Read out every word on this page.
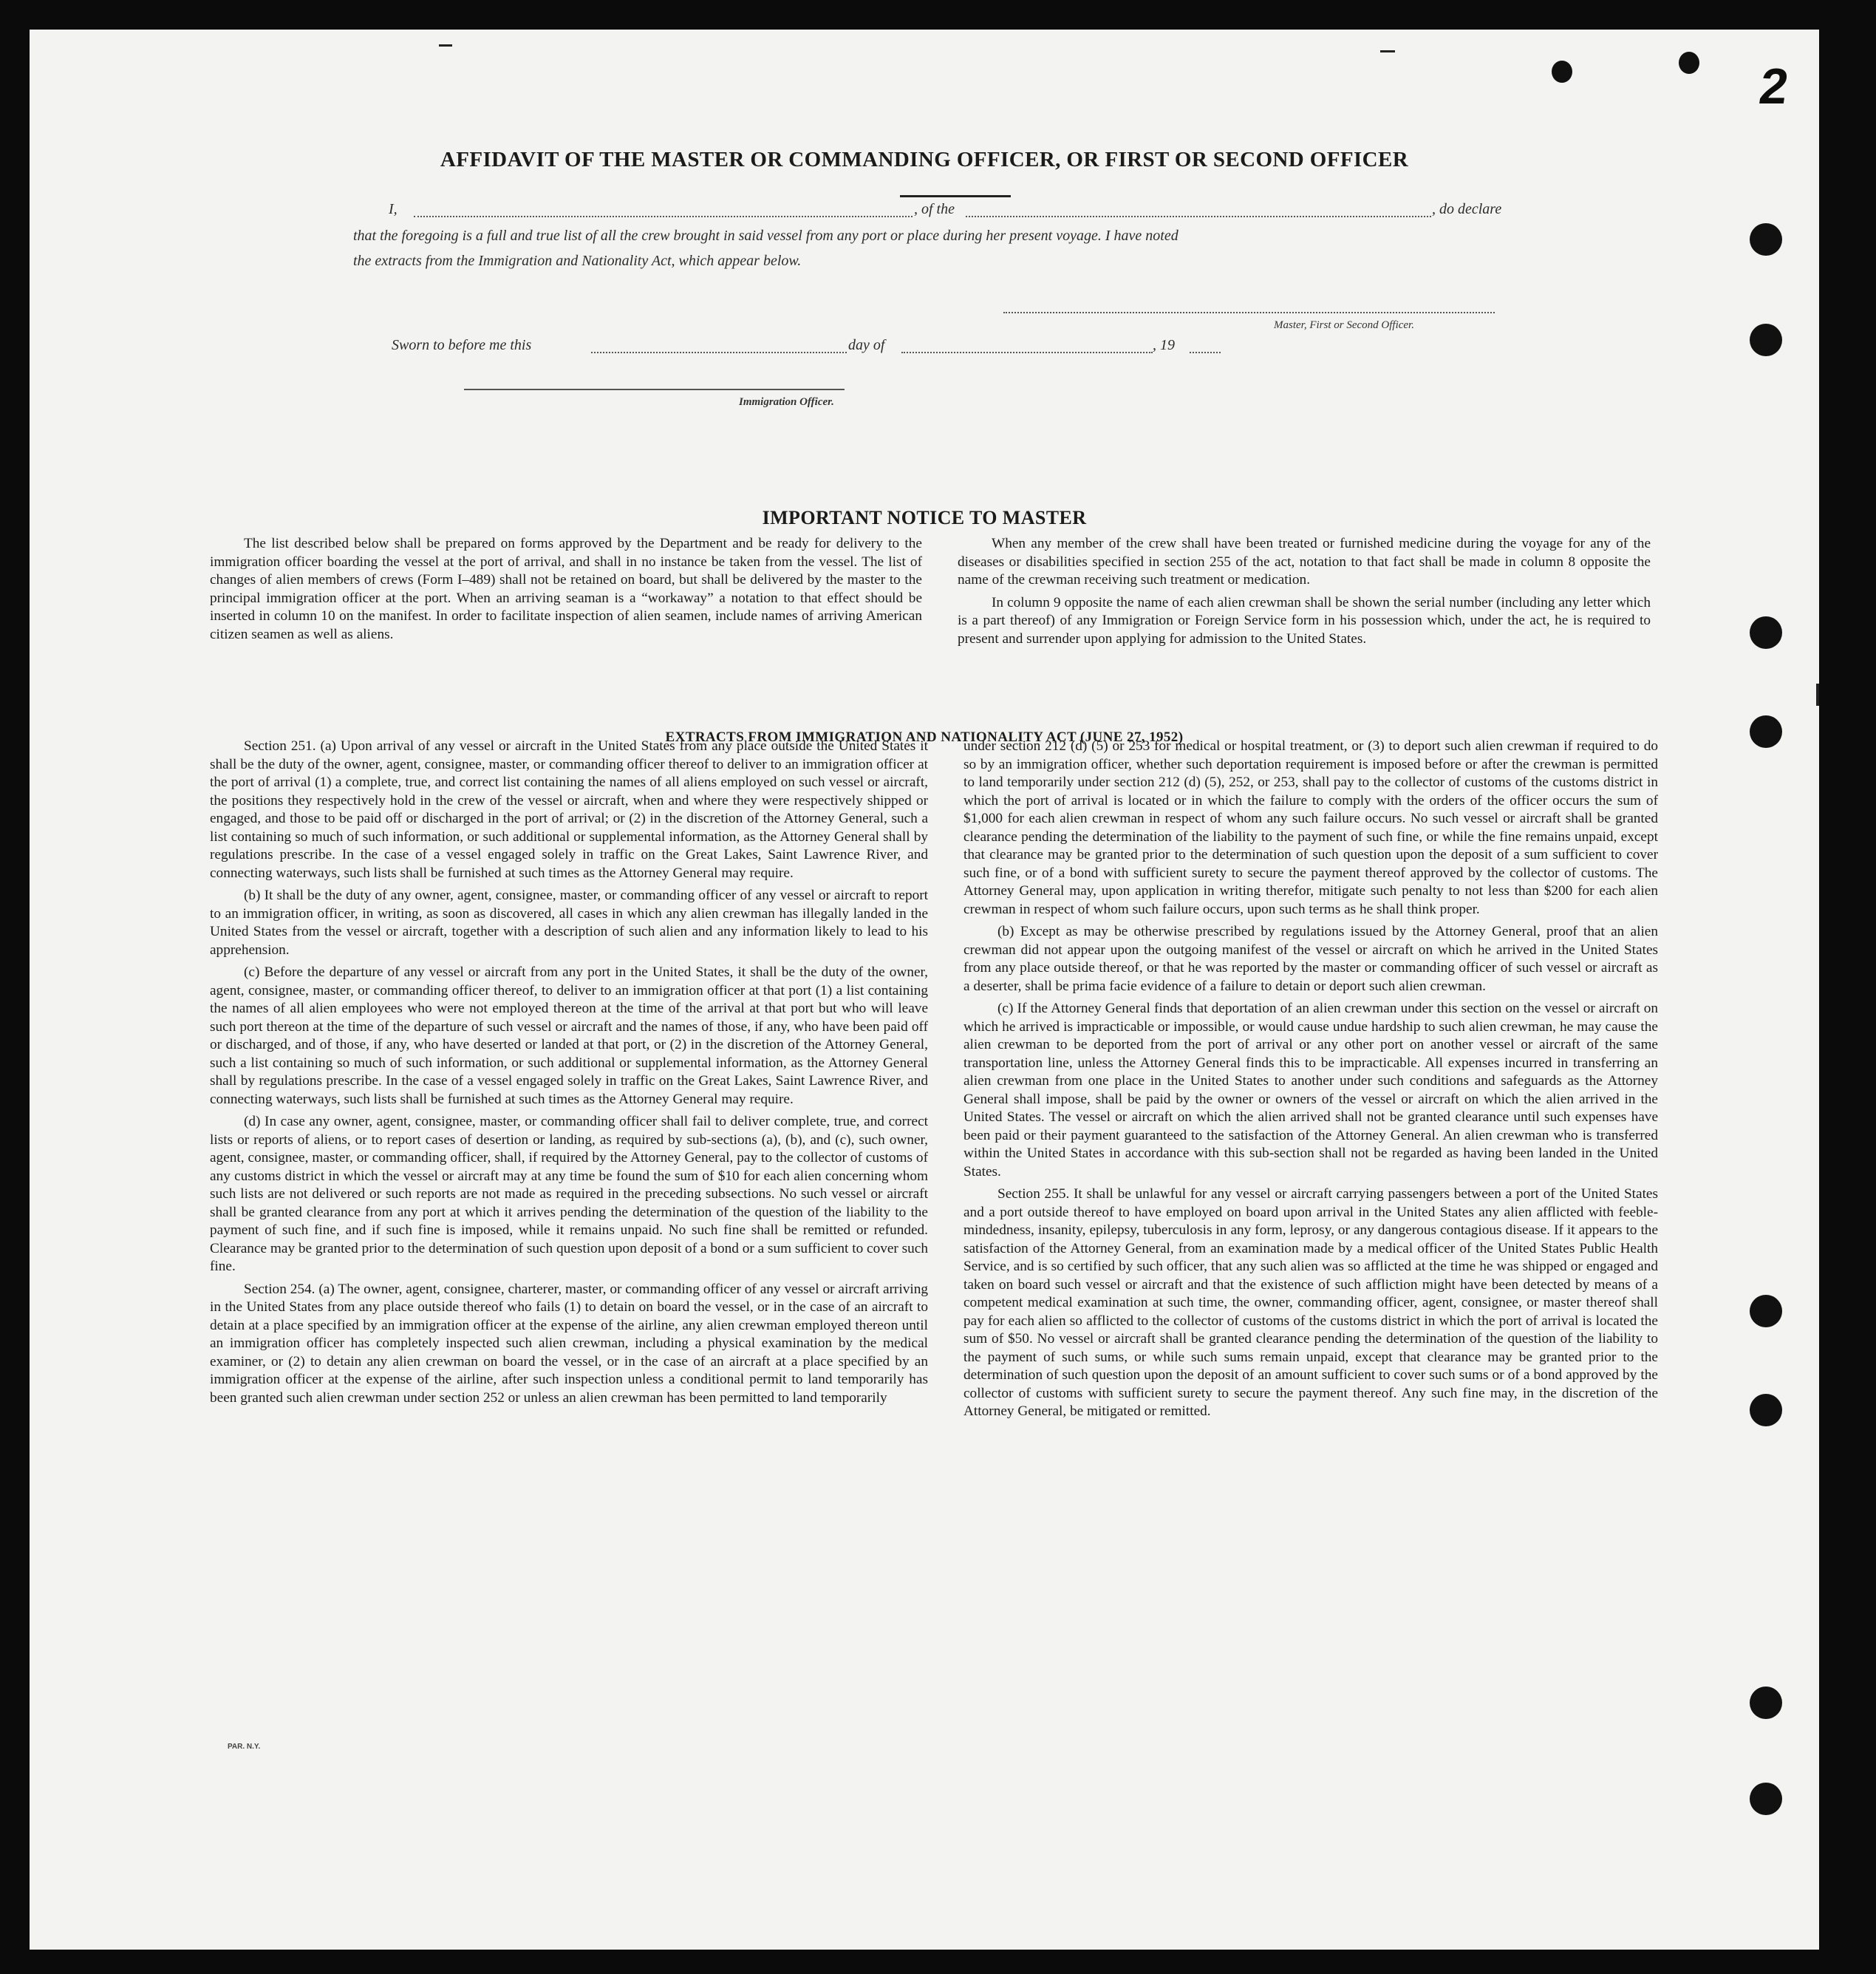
2
AFFIDAVIT OF THE MASTER OR COMMANDING OFFICER, OR FIRST OR SECOND OFFICER
I,	, of the	, do declare
that the foregoing is a full and true list of all the crew brought in said vessel from any port or place during her present voyage. I have noted
the extracts from the Immigration and Nationality Act, which appear below.
Master, First or Second Officer.
Sworn to before me this	day of	, 19
Immigration Officer.
IMPORTANT NOTICE TO MASTER

The list described below shall be prepared on forms approved by the Department and be ready for delivery to the immigration officer boarding the vessel at the port of arrival, and shall in no instance be taken from the vessel. The list of changes of alien members of crews (Form I–489) shall not be retained on board, but shall be delivered by the master to the principal immigration officer at the port. When an arriving seaman is a “workaway” a notation to that effect should be inserted in column 10 on the manifest. In order to facilitate inspection of alien seamen, include names of arriving American citizen seamen as well as aliens.

When any member of the crew shall have been treated or furnished medicine during the voyage for any of the diseases or disabilities specified in section 255 of the act, notation to that fact shall be made in column 8 opposite the name of the crewman receiving such treatment or medication.

In column 9 opposite the name of each alien crewman shall be shown the serial number (including any letter which is a part thereof) of any Immigration or Foreign Service form in his possession which, under the act, he is required to present and surrender upon applying for admission to the United States.

EXTRACTS FROM IMMIGRATION AND NATIONALITY ACT (JUNE 27, 1952)

Section 251. (a) Upon arrival of any vessel or aircraft in the United States from any place outside the United States it shall be the duty of the owner, agent, consignee, master, or commanding officer thereof to deliver to an immigration officer at the port of arrival (1) a complete, true, and correct list containing the names of all aliens employed on such vessel or aircraft, the positions they respectively hold in the crew of the vessel or aircraft, when and where they were respectively shipped or engaged, and those to be paid off or discharged in the port of arrival; or (2) in the discretion of the Attorney General, such a list containing so much of such information, or such additional or supplemental information, as the Attorney General shall by regulations prescribe. In the case of a vessel engaged solely in traffic on the Great Lakes, Saint Lawrence River, and connecting waterways, such lists shall be furnished at such times as the Attorney General may require.

(b) It shall be the duty of any owner, agent, consignee, master, or commanding officer of any vessel or aircraft to report to an immigration officer, in writing, as soon as discovered, all cases in which any alien crewman has illegally landed in the United States from the vessel or aircraft, together with a description of such alien and any information likely to lead to his apprehension.

(c) Before the departure of any vessel or aircraft from any port in the United States, it shall be the duty of the owner, agent, consignee, master, or commanding officer thereof, to deliver to an immigration officer at that port (1) a list containing the names of all alien employees who were not employed thereon at the time of the arrival at that port but who will leave such port thereon at the time of the departure of such vessel or aircraft and the names of those, if any, who have been paid off or discharged, and of those, if any, who have deserted or landed at that port, or (2) in the discretion of the Attorney General, such a list containing so much of such information, or such additional or supplemental information, as the Attorney General shall by regulations prescribe. In the case of a vessel engaged solely in traffic on the Great Lakes, Saint Lawrence River, and connecting waterways, such lists shall be furnished at such times as the Attorney General may require.

(d) In case any owner, agent, consignee, master, or commanding officer shall fail to deliver complete, true, and correct lists or reports of aliens, or to report cases of desertion or landing, as required by sub-sections (a), (b), and (c), such owner, agent, consignee, master, or commanding officer, shall, if required by the Attorney General, pay to the collector of customs of any customs district in which the vessel or aircraft may at any time be found the sum of $10 for each alien concerning whom such lists are not delivered or such reports are not made as required in the preceding subsections. No such vessel or aircraft shall be granted clearance from any port at which it arrives pending the determination of the question of the liability to the payment of such fine, and if such fine is imposed, while it remains unpaid. No such fine shall be remitted or refunded. Clearance may be granted prior to the determination of such question upon deposit of a bond or a sum sufficient to cover such fine.

Section 254. (a) The owner, agent, consignee, charterer, master, or commanding officer of any vessel or aircraft arriving in the United States from any place outside thereof who fails (1) to detain on board the vessel, or in the case of an aircraft to detain at a place specified by an immigration officer at the expense of the airline, any alien crewman employed thereon until an immigration officer has completely inspected such alien crewman, including a physical examination by the medical examiner, or (2) to detain any alien crewman on board the vessel, or in the case of an aircraft at a place specified by an immigration officer at the expense of the airline, after such inspection unless a conditional permit to land temporarily has been granted such alien crewman under section 252 or unless an alien crewman has been permitted to land temporarily

under section 212 (d) (5) or 253 for medical or hospital treatment, or (3) to deport such alien crewman if required to do so by an immigration officer, whether such deportation requirement is imposed before or after the crewman is permitted to land temporarily under section 212 (d) (5), 252, or 253, shall pay to the collector of customs of the customs district in which the port of arrival is located or in which the failure to comply with the orders of the officer occurs the sum of $1,000 for each alien crewman in respect of whom any such failure occurs. No such vessel or aircraft shall be granted clearance pending the determination of the liability to the payment of such fine, or while the fine remains unpaid, except that clearance may be granted prior to the determination of such question upon the deposit of a sum sufficient to cover such fine, or of a bond with sufficient surety to secure the payment thereof approved by the collector of customs. The Attorney General may, upon application in writing therefor, mitigate such penalty to not less than $200 for each alien crewman in respect of whom such failure occurs, upon such terms as he shall think proper.

(b) Except as may be otherwise prescribed by regulations issued by the Attorney General, proof that an alien crewman did not appear upon the outgoing manifest of the vessel or aircraft on which he arrived in the United States from any place outside thereof, or that he was reported by the master or commanding officer of such vessel or aircraft as a deserter, shall be prima facie evidence of a failure to detain or deport such alien crewman.

(c) If the Attorney General finds that deportation of an alien crewman under this section on the vessel or aircraft on which he arrived is impracticable or impossible, or would cause undue hardship to such alien crewman, he may cause the alien crewman to be deported from the port of arrival or any other port on another vessel or aircraft of the same transportation line, unless the Attorney General finds this to be impracticable. All expenses incurred in transferring an alien crewman from one place in the United States to another under such conditions and safeguards as the Attorney General shall impose, shall be paid by the owner or owners of the vessel or aircraft on which the alien arrived in the United States. The vessel or aircraft on which the alien arrived shall not be granted clearance until such expenses have been paid or their payment guaranteed to the satisfaction of the Attorney General. An alien crewman who is transferred within the United States in accordance with this sub-section shall not be regarded as having been landed in the United States.

Section 255. It shall be unlawful for any vessel or aircraft carrying passengers between a port of the United States and a port outside thereof to have employed on board upon arrival in the United States any alien afflicted with feeble-mindedness, insanity, epilepsy, tuberculosis in any form, leprosy, or any dangerous contagious disease. If it appears to the satisfaction of the Attorney General, from an examination made by a medical officer of the United States Public Health Service, and is so certified by such officer, that any such alien was so afflicted at the time he was shipped or engaged and taken on board such vessel or aircraft and that the existence of such affliction might have been detected by means of a competent medical examination at such time, the owner, commanding officer, agent, consignee, or master thereof shall pay for each alien so afflicted to the collector of customs of the customs district in which the port of arrival is located the sum of $50. No vessel or aircraft shall be granted clearance pending the determination of the question of the liability to the payment of such sums, or while such sums remain unpaid, except that clearance may be granted prior to the determination of such question upon the deposit of an amount sufficient to cover such sums or of a bond approved by the collector of customs with sufficient surety to secure the payment thereof. Any such fine may, in the discretion of the Attorney General, be mitigated or remitted.

PAR. N.Y.
